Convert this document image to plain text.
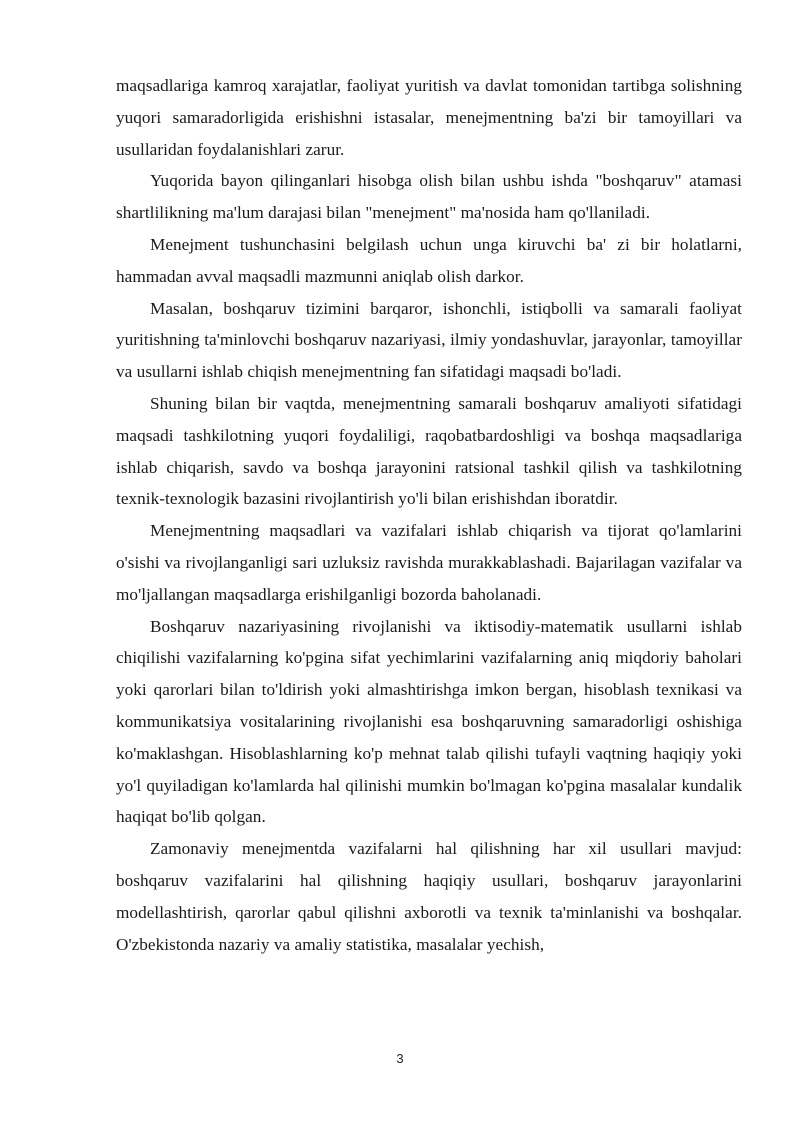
maqsadlariga kamroq xarajatlar, faoliyat yuritish va davlat tomonidan tartibga solishning yuqori samaradorligida erishishni istasalar, menejmentning ba'zi bir tamoyillari va usullaridan foydalanishlari zarur.

Yuqorida bayon qilinganlari hisobga olish bilan ushbu ishda "boshqaruv" atamasi shartlilikning ma'lum darajasi bilan "menejment" ma'nosida ham qo'llaniladi.

Menejment tushunchasini belgilash uchun unga kiruvchi ba' zi bir holatlarni, hammadan avval maqsadli mazmunni aniqlab olish darkor.

Masalan, boshqaruv tizimini barqaror, ishonchli, istiqbolli va samarali faoliyat yuritishning ta'minlovchi boshqaruv nazariyasi, ilmiy yondashuvlar, jarayonlar, tamoyillar va usullarni ishlab chiqish menejmentning fan sifatidagi maqsadi bo'ladi.

Shuning bilan bir vaqtda, menejmentning samarali boshqaruv amaliyoti sifatidagi maqsadi tashkilotning yuqori foydaliligi, raqobatbardoshligi va boshqa maqsadlariga ishlab chiqarish, savdo va boshqa jarayonini ratsional tashkil qilish va tashkilotning texnik-texnologik bazasini rivojlantirish yo'li bilan erishishdan iboratdir.

Menejmentning maqsadlari va vazifalari ishlab chiqarish va tijorat qo'lamlarini o'sishi va rivojlanganligi sari uzluksiz ravishda murakkablashadi. Bajarilagan vazifalar va mo'ljallangan maqsadlarga erishilganligi bozorda baholanadi.

Boshqaruv nazariyasining rivojlanishi va iktisodiy-matematik usullarni ishlab chiqilishi vazifalarning ko'pgina sifat yechimlarini vazifalarning aniq miqdoriy baholari yoki qarorlari bilan to'ldirish yoki almashtirishga imkon bergan, hisoblash texnikasi va kommunikatsiya vositalarining rivojlanishi esa boshqaruvning samaradorligi oshishiga ko'maklashgan. Hisoblashlarning ko'p mehnat talab qilishi tufayli vaqtning haqiqiy yoki yo'l quyiladigan ko'lamlarda hal qilinishi mumkin bo'lmagan ko'pgina masalalar kundalik haqiqat bo'lib qolgan.

Zamonaviy menejmentda vazifalarni hal qilishning har xil usullari mavjud: boshqaruv vazifalarini hal qilishning haqiqiy usullari, boshqaruv jarayonlarini modellashtirish, qarorlar qabul qilishni axborotli va texnik ta'minlanishi va boshqalar. O'zbekistonda nazariy va amaliy statistika, masalalar yechish,

3
